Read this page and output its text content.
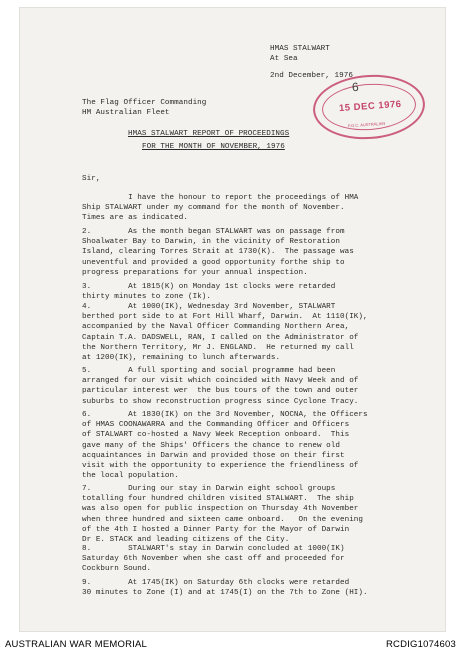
HMAS STALWART
At Sea
2nd December, 1976
6
15 DEC 1976
F.O.C. AUSTRALIAN
The Flag Officer Commanding
HM Australian Fleet
HMAS STALWART REPORT OF PROCEEDINGS
FOR THE MONTH OF NOVEMBER, 1976
Sir,
I have the honour to report the proceedings of HMA
Ship STALWART under my command for the month of November.
Times are as indicated.
2.        As the month began STALWART was on passage from
Shoalwater Bay to Darwin, in the vicinity of Restoration
Island, clearing Torres Strait at 1730(K).  The passage was
uneventful and provided a good opportunity forthe ship to
progress preparations for your annual inspection.
3.        At 1815(K) on Monday 1st clocks were retarded
thirty minutes to zone (Ik).
4.        At 1000(IK), Wednesday 3rd November, STALWART
berthed port side to at Fort Hill Wharf, Darwin.  At 1110(IK),
accompanied by the Naval Officer Commanding Northern Area,
Captain T.A. DADSWELL, RAN, I called on the Administrator of
the Northern Territory, Mr J. ENGLAND.  He returned my call
at 1200(IK), remaining to lunch afterwards.
5.        A full sporting and social programme had been
arranged for our visit which coincided with Navy Week and of
particular interest wer  the bus tours of the town and outer
suburbs to show reconstruction progress since Cyclone Tracy.
6.        At 1830(IK) on the 3rd November, NOCNA, the Officers
of HMAS COONAWARRA and the Commanding Officer and Officers
of STALWART co-hosted a Navy Week Reception onboard.  This
gave many of the Ships' Officers the chance to renew old
acquaintances in Darwin and provided those on their first
visit with the opportunity to experience the friendliness of
the local population.
7.        During our stay in Darwin eight school groups
totalling four hundred children visited STALWART.  The ship
was also open for public inspection on Thursday 4th November
when three hundred and sixteen came onboard.   On the evening
of the 4th I hosted a Dinner Party for the Mayor of Darwin
Dr E. STACK and leading citizens of the City.
8.        STALWART's stay in Darwin concluded at 1000(IK)
Saturday 6th November when she cast off and proceeded for
Cockburn Sound.
9.        At 1745(IK) on Saturday 6th clocks were retarded
30 minutes to Zone (I) and at 1745(I) on the 7th to Zone (HI).
AUSTRALIAN WAR MEMORIAL	RCDIG1074603
